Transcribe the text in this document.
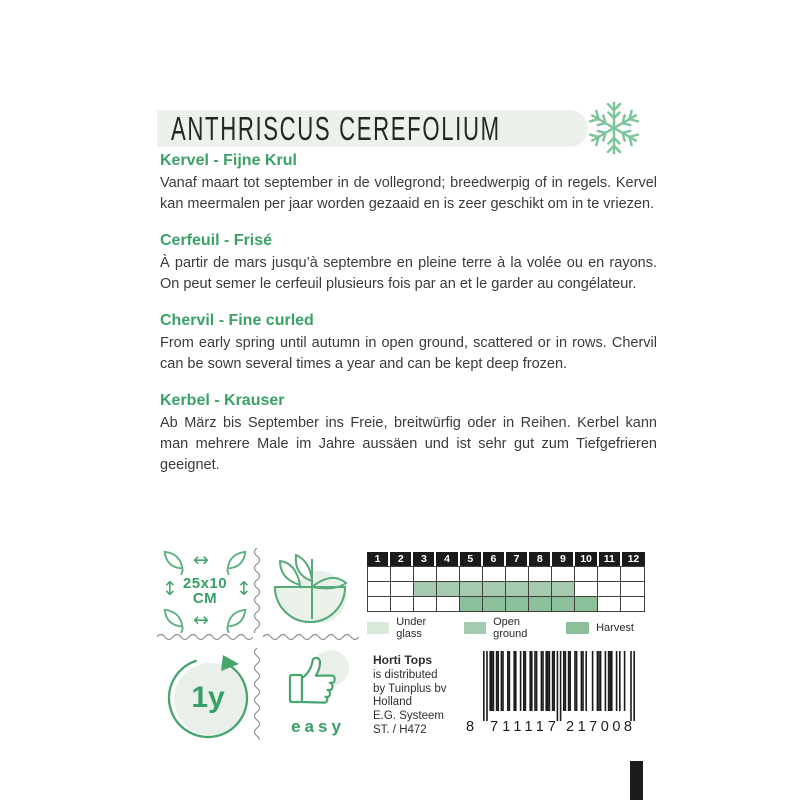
ANTHRISCUS CEREFOLIUM
Kervel - Fijne Krul

Vanaf maart tot september in de vollegrond; breedwerpig of in regels. Kervel kan meermalen per jaar worden gezaaid en is zeer geschikt om in te vriezen.

Cerfeuil - Frisé

À partir de mars jusqu’à septembre en pleine terre à la volée ou en rayons. On peut semer le cerfeuil plusieurs fois par an et le garder au congélateur.

Chervil - Fine curled

From early spring until autumn in open ground, scattered or in rows. Chervil can be sown several times a year and can be kept deep frozen.

Kerbel - Krauser

Ab März bis September ins Freie, breitwürfig oder in Reihen. Kerbel kann man mehrere Male im Jahre aussäen und ist sehr gut zum Tiefgefrieren geeignet.

↔
↕ 25x10
CM ↕
↔
1y
easy
1	2	3	4	5	6	7	8	9	10	11	12
Under glass
Open ground	Harvest
Horti Tops
is distributed
by Tuinplus bv
Holland
E.G. Systeem
ST. / H472	8 711117 217008
